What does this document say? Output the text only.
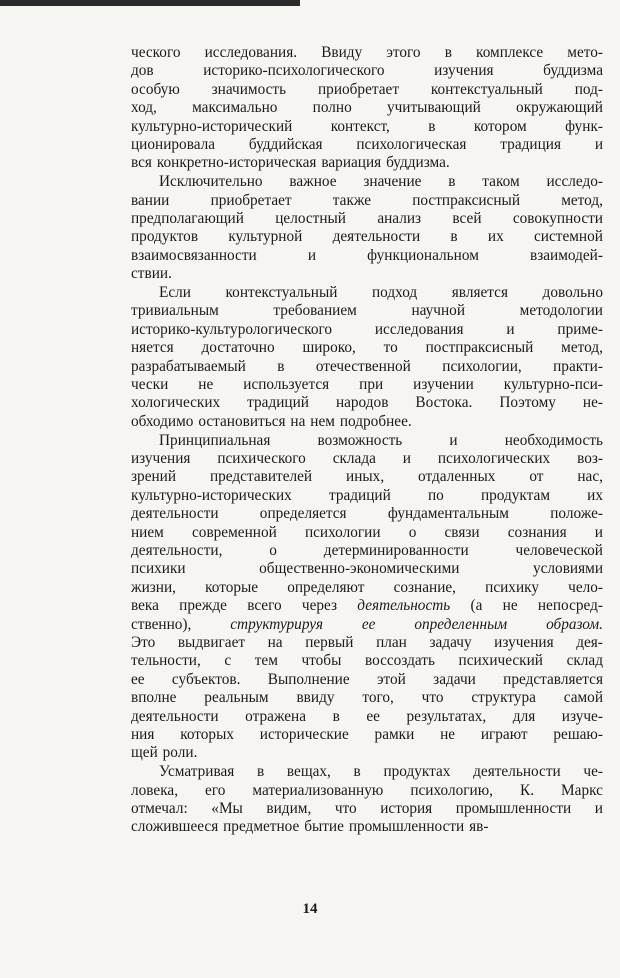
ческого исследования. Ввиду этого в комплексе мето-
дов	историко-психологического	изучения	буддизма
особую значимость приобретает контекстуальный под-
ход, максимально полно учитывающий окружающий
культурно-исторический	контекст,	в	котором	функ-
ционировала буддийская психологическая традиция и
вся конкретно-историческая вариация буддизма.
Исключительно важное значение в таком исследо-
вании	приобретает	также	постпраксисный	метод,
предполагающий целостный анализ всей совокупности
продуктов культурной деятельности в их системной
взаимосвязанности	и	функциональном	взаимодей-
ствии.
Если контекстуальный подход является довольно
тривиальным	требованием	научной	методологии
историко-культурологического	исследования	и	приме-
няется достаточно широко, то постпраксисный метод,
разрабатываемый в отечественной психологии, практи-
чески не используется при изучении культурно-пси-
хологических традиций народов Востока. Поэтому не-
обходимо остановиться на нем подробнее.
Принципиальная	возможность	и	необходимость
изучения психического склада и психологических воз-
зрений представителей иных, отдаленных от нас,
культурно-исторических традиций по продуктам их
деятельности	определяется	фундаментальным	положе-
нием современной психологии о связи сознания и
деятельности,	о	детерминированности	человеческой
психики	общественно-экономическими	условиями
жизни, которые определяют сознание, психику чело-
века прежде всего через деятельность (а не непосред-
ственно),	структурируя	ее	определенным	образом.
Это выдвигает на первый план задачу изучения дея-
тельности, с тем чтобы воссоздать психический склад
ее субъектов. Выполнение этой задачи представляется
вполне реальным ввиду того, что структура самой
деятельности отражена в ее результатах, для изуче-
ния которых исторические рамки не играют решаю-
щей роли.
Усматривая в вещах, в продуктах деятельности че-
ловека, его материализованную психологию, К. Маркс
отмечал: «Мы видим, что история промышленности и
сложившееся предметное бытие промышленности яв-
14
